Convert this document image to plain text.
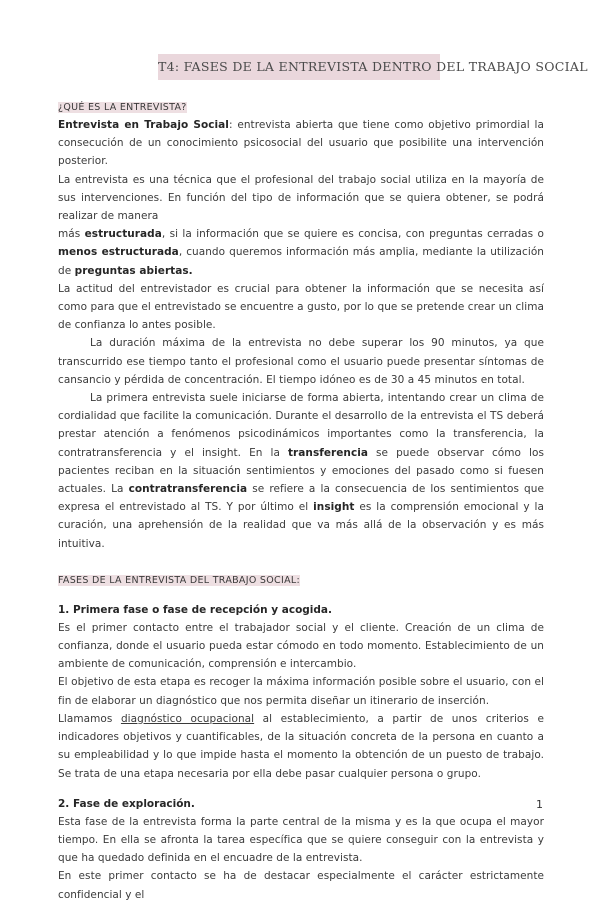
T4: FASES DE LA ENTREVISTA DENTRO DEL TRABAJO SOCIAL
¿QUÉ ES LA ENTREVISTA?

Entrevista en Trabajo Social: entrevista abierta que tiene como objetivo primordial la consecución de un conocimiento psicosocial del usuario que posibilite una intervención posterior.

La entrevista es una técnica que el profesional del trabajo social utiliza en la mayoría de sus intervenciones. En función del tipo de información que se quiera obtener, se podrá realizar de manera

más estructurada, si la información que se quiere es concisa, con preguntas cerradas o menos estructurada, cuando queremos información más amplia, mediante la utilización de preguntas abiertas.

La actitud del entrevistador es crucial para obtener la información que se necesita así como para que el entrevistado se encuentre a gusto, por lo que se pretende crear un clima de confianza lo antes posible.

La duración máxima de la entrevista no debe superar los 90 minutos, ya que transcurrido ese tiempo tanto el profesional como el usuario puede presentar síntomas de cansancio y pérdida de concentración. El tiempo idóneo es de 30 a 45 minutos en total.

La primera entrevista suele iniciarse de forma abierta, intentando crear un clima de cordialidad que facilite la comunicación. Durante el desarrollo de la entrevista el TS deberá prestar atención a fenómenos psicodinámicos importantes como la transferencia, la contratransferencia y el insight. En la transferencia se puede observar cómo los pacientes reciban en la situación sentimientos y emociones del pasado como si fuesen actuales. La contratransferencia se refiere a la consecuencia de los sentimientos que expresa el entrevistado al TS. Y por último el insight es la comprensión emocional y la curación, una aprehensión de la realidad que va más allá de la observación y es más intuitiva.

FASES DE LA ENTREVISTA DEL TRABAJO SOCIAL:
1. Primera fase o fase de recepción y acogida.

Es el primer contacto entre el trabajador social y el cliente. Creación de un clima de confianza, donde el usuario pueda estar cómodo en todo momento. Establecimiento de un ambiente de comunicación, comprensión e intercambio.

El objetivo de esta etapa es recoger la máxima información posible sobre el usuario, con el fin de elaborar un diagnóstico que nos permita diseñar un itinerario de inserción.

Llamamos diagnóstico ocupacional al establecimiento, a partir de unos criterios e indicadores objetivos y cuantificables, de la situación concreta de la persona en cuanto a su empleabilidad y lo que impide hasta el momento la obtención de un puesto de trabajo. Se trata de una etapa necesaria por ella debe pasar cualquier persona o grupo.

2. Fase de exploración.

Esta fase de la entrevista forma la parte central de la misma y es la que ocupa el mayor tiempo. En ella se afronta la tarea específica que se quiere conseguir con la entrevista y que ha quedado definida en el encuadre de la entrevista.

En este primer contacto se ha de destacar especialmente el carácter estrictamente confidencial y el

1
